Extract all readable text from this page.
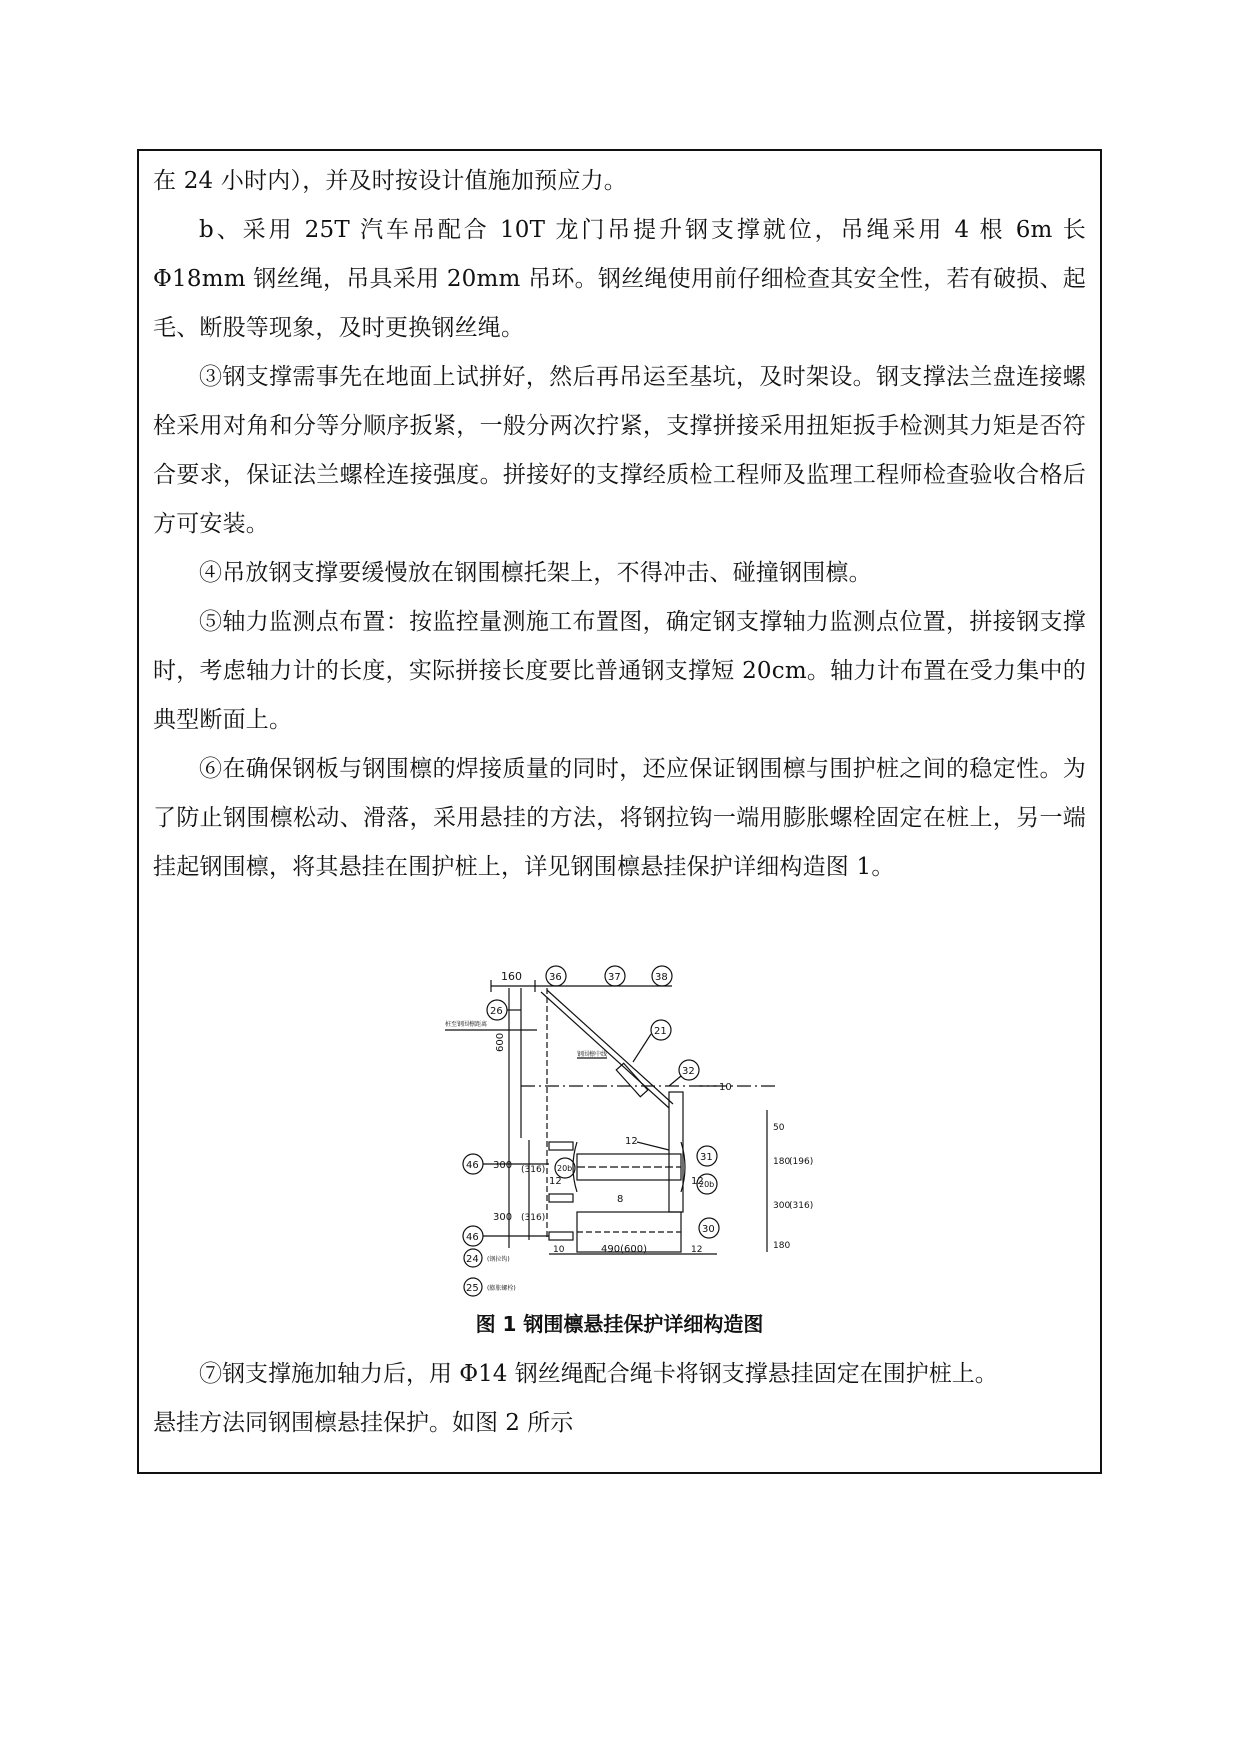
在 24 小时内），并及时按设计值施加预应力。

b、采用 25T 汽车吊配合 10T 龙门吊提升钢支撑就位，吊绳采用 4 根 6m 长 Φ18mm 钢丝绳，吊具采用 20mm 吊环。钢丝绳使用前仔细检查其安全性，若有破损、起毛、断股等现象，及时更换钢丝绳。

③钢支撑需事先在地面上试拼好，然后再吊运至基坑，及时架设。钢支撑法兰盘连接螺栓采用对角和分等分顺序扳紧，一般分两次拧紧，支撑拼接采用扭矩扳手检测其力矩是否符合要求，保证法兰螺栓连接强度。拼接好的支撑经质检工程师及监理工程师检查验收合格后方可安装。

④吊放钢支撑要缓慢放在钢围檩托架上，不得冲击、碰撞钢围檩。

⑤轴力监测点布置：按监控量测施工布置图，确定钢支撑轴力监测点位置，拼接钢支撑时，考虑轴力计的长度，实际拼接长度要比普通钢支撑短 20cm。轴力计布置在受力集中的典型断面上。

⑥在确保钢板与钢围檩的焊接质量的同时，还应保证钢围檩与围护桩之间的稳定性。为了防止钢围檩松动、滑落，采用悬挂的方法，将钢拉钩一端用膨胀螺栓固定在桩上，另一端挂起钢围檩，将其悬挂在围护桩上，详见钢围檩悬挂保护详细构造图 1。

160	36	37	38
26
21
桩至钢围檩距离
钢围檩中线
600
32
10
12
12	12
8
31
20b
30
20b
300 (316)
300 (316)
46
46
50
180
(196)
300
(316)
180
24 (钢拉钩)
10	490(600)	12
25 (膨胀螺栓)
图 1 钢围檩悬挂保护详细构造图

⑦钢支撑施加轴力后，用 Φ14 钢丝绳配合绳卡将钢支撑悬挂固定在围护桩上。

悬挂方法同钢围檩悬挂保护。如图 2 所示
